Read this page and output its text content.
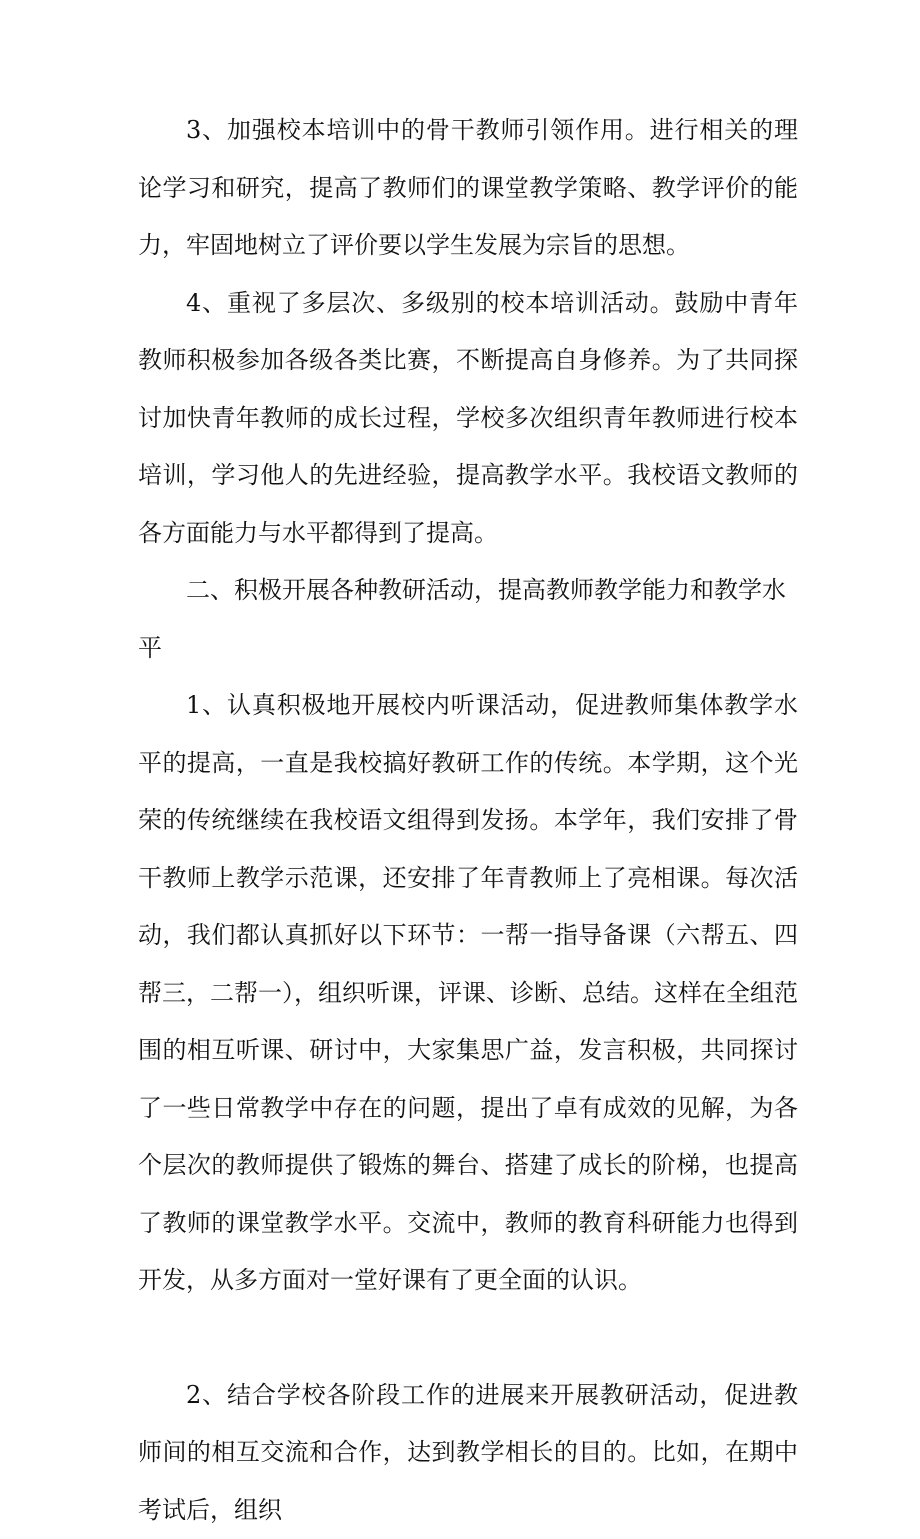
3、加强校本培训中的骨干教师引领作用。进行相关的理论学习和研究，提高了教师们的课堂教学策略、教学评价的能力，牢固地树立了评价要以学生发展为宗旨的思想。

4、重视了多层次、多级别的校本培训活动。鼓励中青年教师积极参加各级各类比赛，不断提高自身修养。为了共同探讨加快青年教师的成长过程，学校多次组织青年教师进行校本培训，学习他人的先进经验，提高教学水平。我校语文教师的各方面能力与水平都得到了提高。

二、积极开展各种教研活动，提高教师教学能力和教学水平

1、认真积极地开展校内听课活动，促进教师集体教学水平的提高，一直是我校搞好教研工作的传统。本学期，这个光荣的传统继续在我校语文组得到发扬。本学年，我们安排了骨干教师上教学示范课，还安排了年青教师上了亮相课。每次活动，我们都认真抓好以下环节：一帮一指导备课（六帮五、四帮三，二帮一），组织听课，评课、诊断、总结。这样在全组范围的相互听课、研讨中，大家集思广益，发言积极，共同探讨了一些日常教学中存在的问题，提出了卓有成效的见解，为各个层次的教师提供了锻炼的舞台、搭建了成长的阶梯，也提高了教师的课堂教学水平。交流中，教师的教育科研能力也得到开发，从多方面对一堂好课有了更全面的认识。

2、结合学校各阶段工作的进展来开展教研活动，促进教师间的相互交流和合作，达到教学相长的目的。比如，在期中考试后，组织
